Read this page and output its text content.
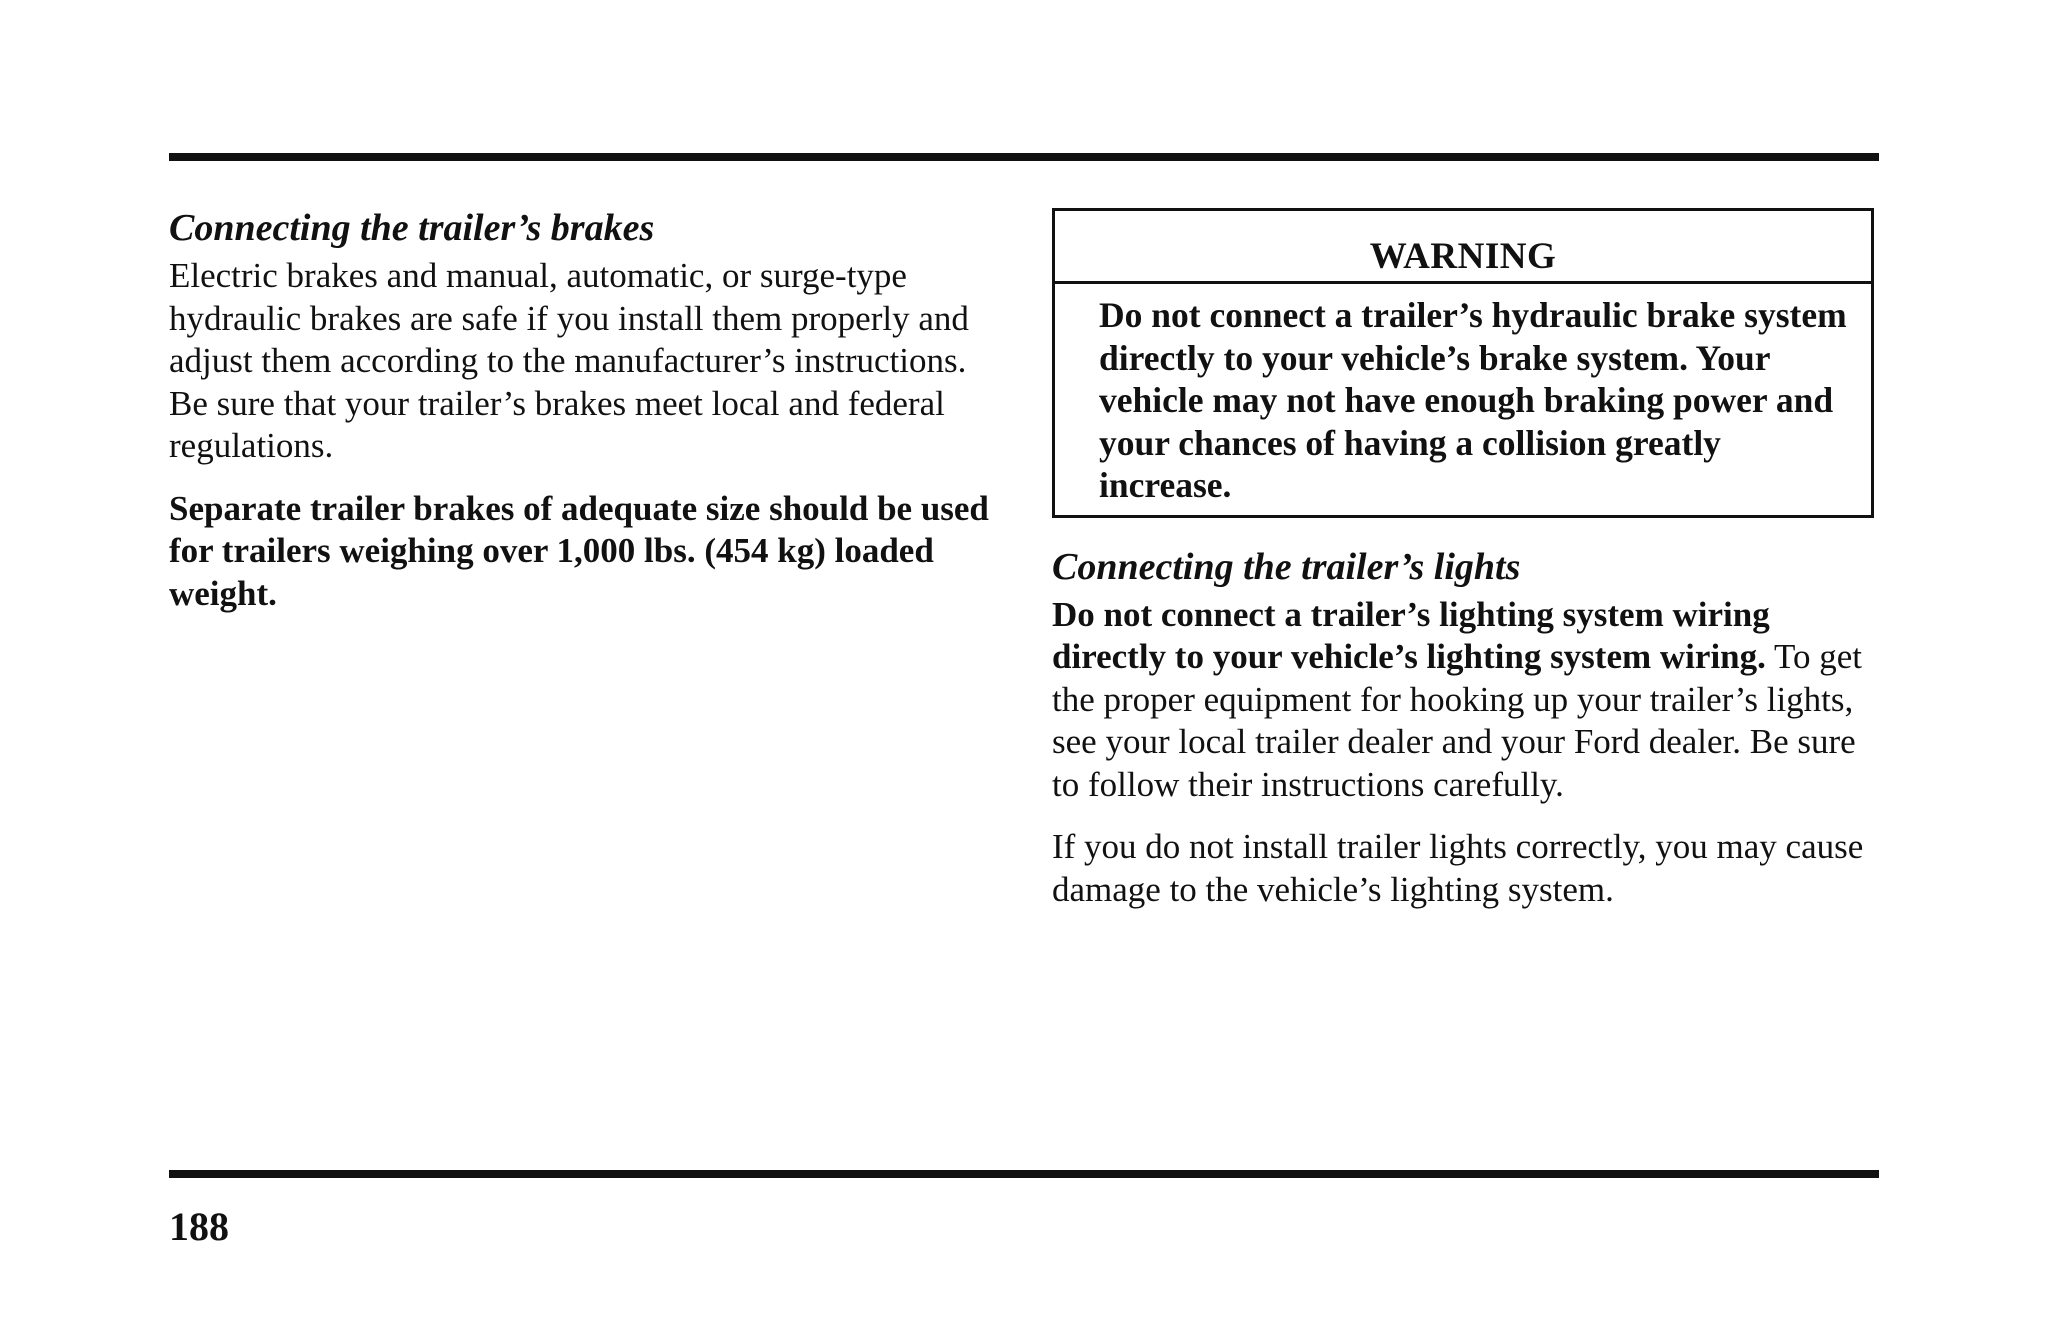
Connecting the trailer’s brakes

Electric brakes and manual, automatic, or surge-type hydraulic brakes are safe if you install them properly and adjust them according to the manufacturer’s instructions. Be sure that your trailer’s brakes meet local and federal regulations.

Separate trailer brakes of adequate size should be used for trailers weighing over 1,000 lbs. (454 kg) loaded weight.

WARNING
Do not connect a trailer’s hydraulic brake system directly to your vehicle’s brake system. Your vehicle may not have enough braking power and your chances of having a collision greatly increase.
Connecting the trailer’s lights

Do not connect a trailer’s lighting system wiring directly to your vehicle’s lighting system wiring. To get the proper equipment for hooking up your trailer’s lights, see your local trailer dealer and your Ford dealer. Be sure to follow their instructions carefully.

If you do not install trailer lights correctly, you may cause damage to the vehicle’s lighting system.

188
